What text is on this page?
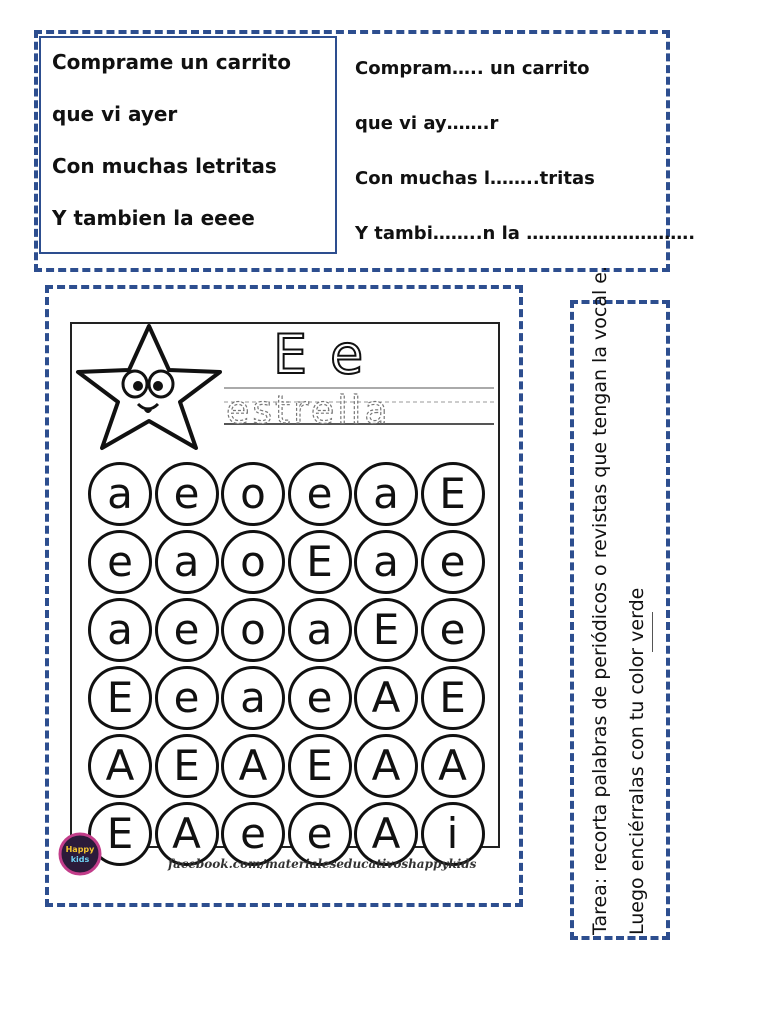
Comprame un carrito
que vi ayer
Con muchas letritas
Y tambien la eeee
Compram….. un carrito
que vi ay…….r
Con muchas l……..tritas
Y tambi……..n la ……………………….
E e
estrella
a e o e a E
e a o E a e
a e o a E e
E e a e A E
A E A E A A
E A e e A	i
Happy
kids	facebook.com/materialeseducativoshappykids	Tarea: recorta palabras de periódicos o revistas que tengan la vocal e. Luego enciérralas con tu color verde
